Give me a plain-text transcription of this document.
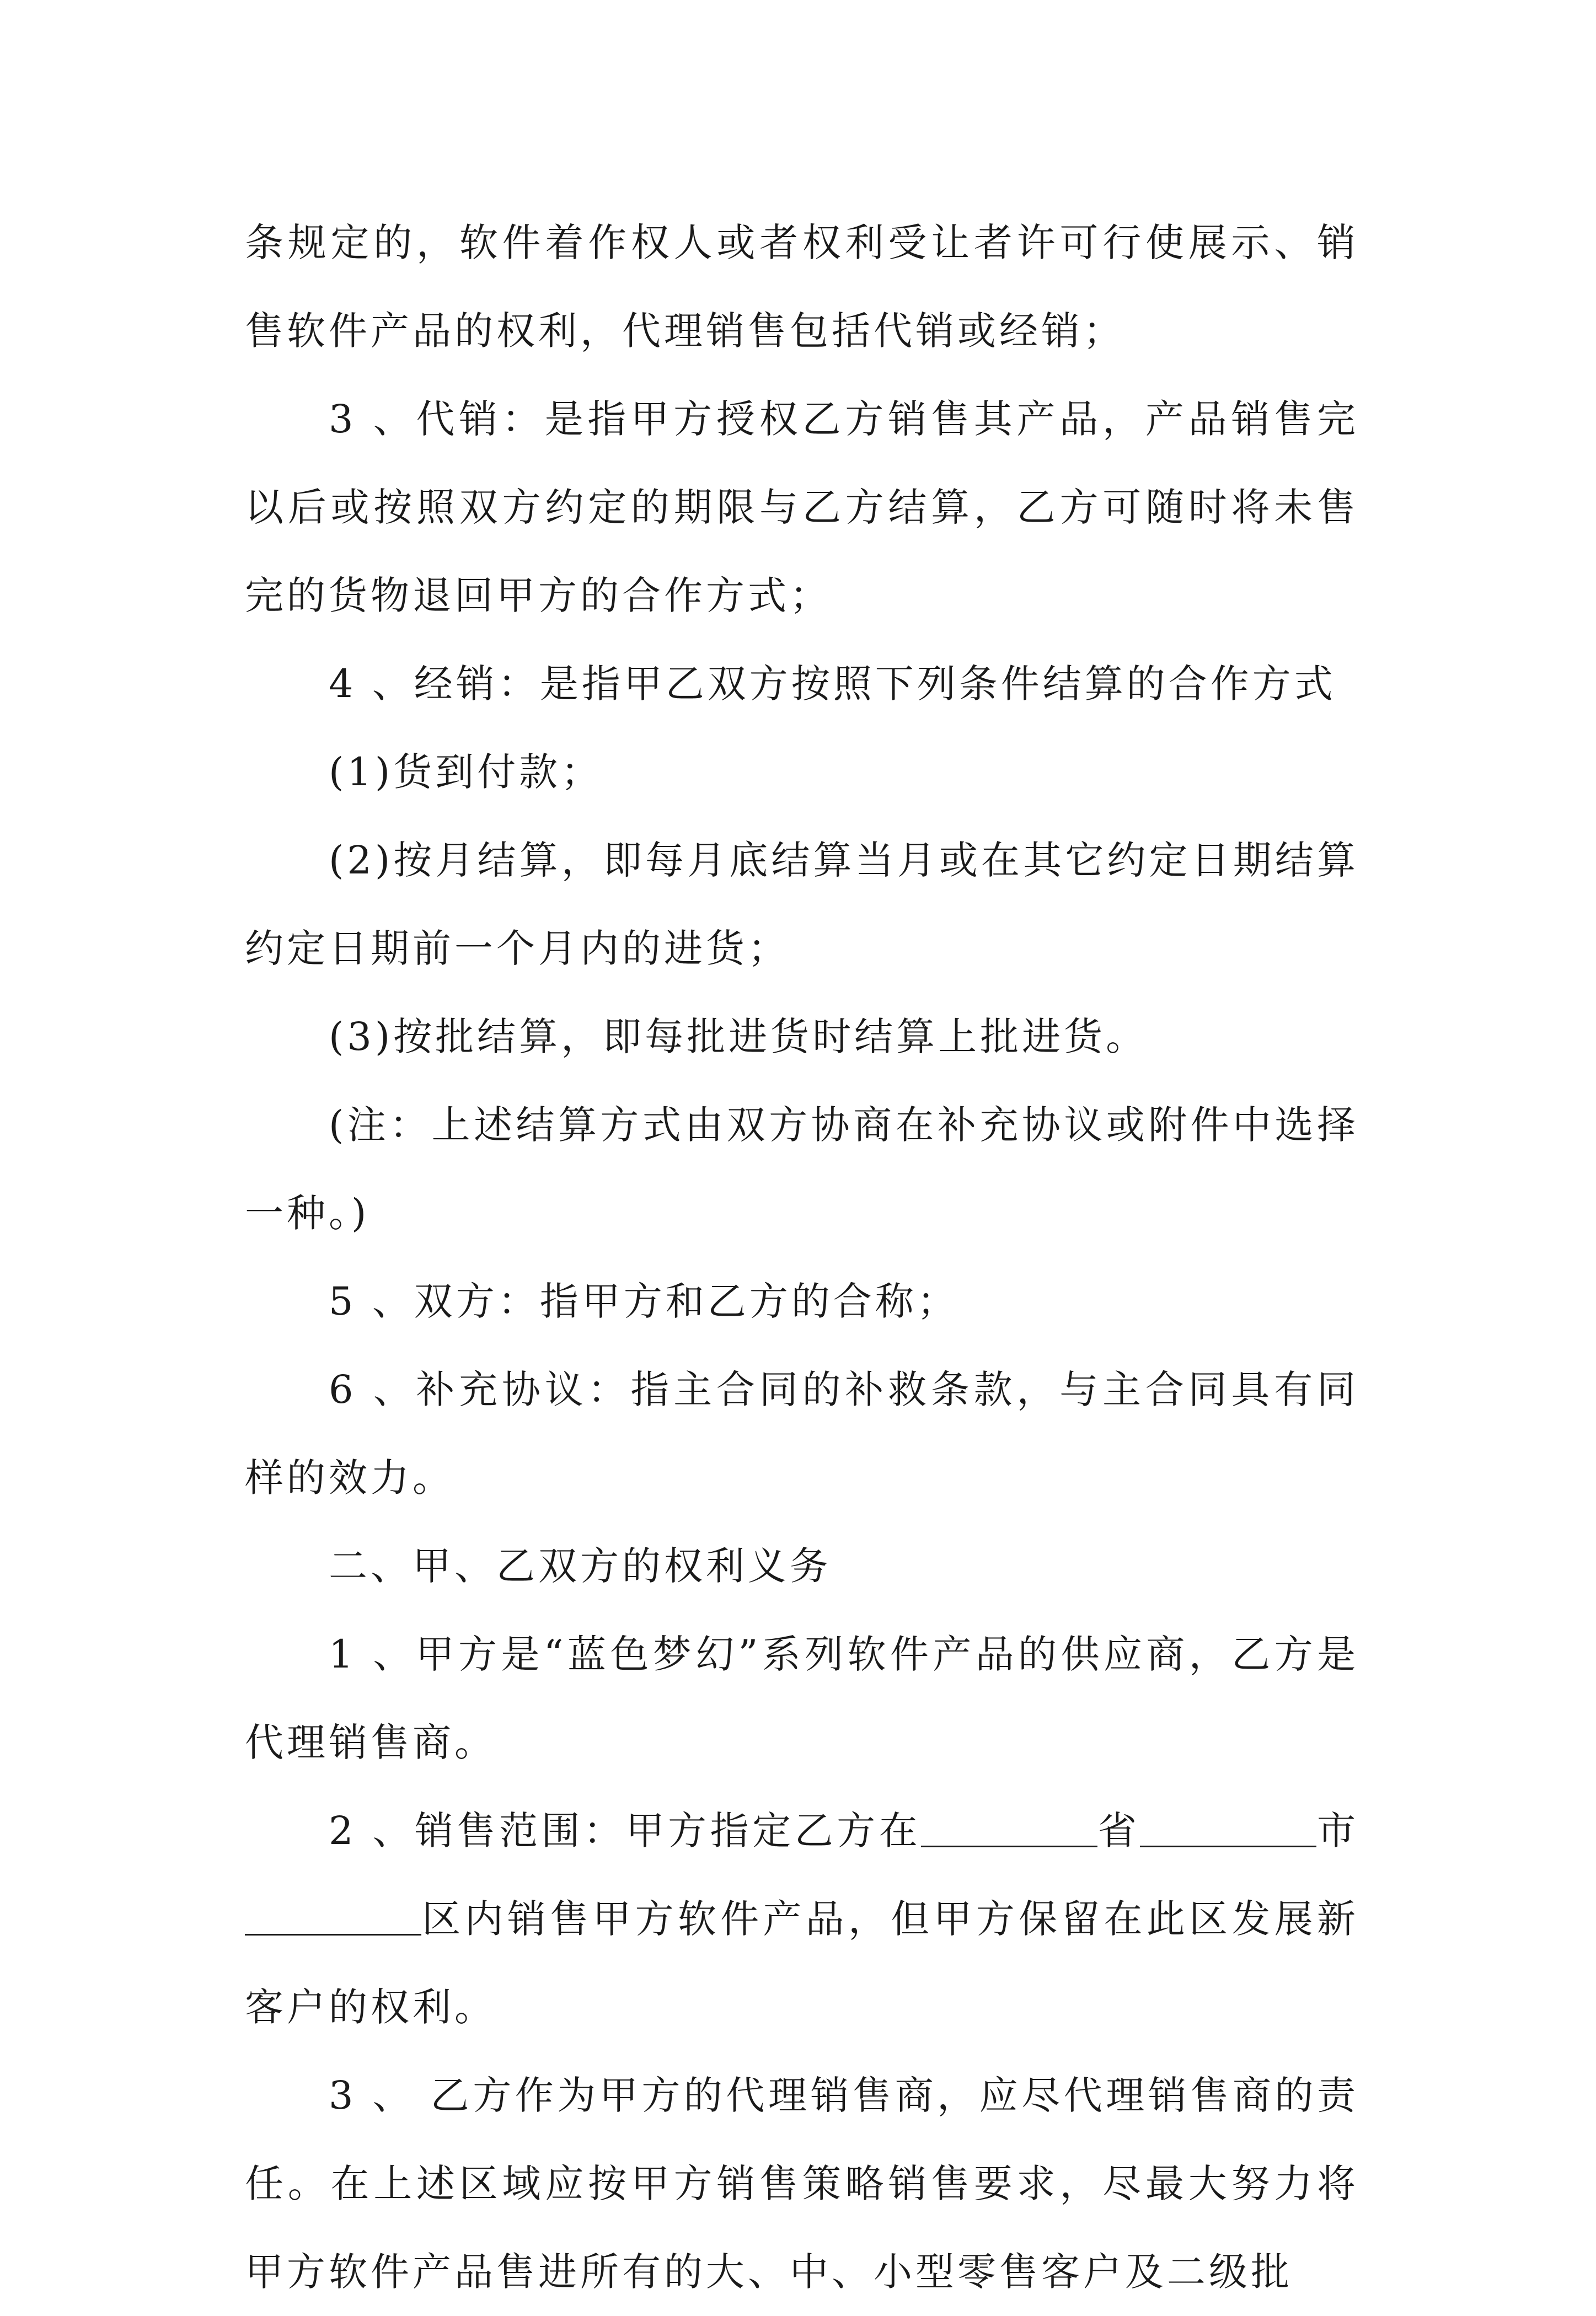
条规定的，软件着作权人或者权利受让者许可行使展示、销售软件产品的权利，代理销售包括代销或经销；

3 、代销：是指甲方授权乙方销售其产品，产品销售完以后或按照双方约定的期限与乙方结算，乙方可随时将未售完的货物退回甲方的合作方式；

4 、经销：是指甲乙双方按照下列条件结算的合作方式

(1)货到付款；

(2)按月结算，即每月底结算当月或在其它约定日期结算约定日期前一个月内的进货；

(3)按批结算，即每批进货时结算上批进货。

(注：上述结算方式由双方协商在补充协议或附件中选择一种。)

5 、双方：指甲方和乙方的合称；

6 、补充协议：指主合同的补救条款，与主合同具有同样的效力。

二、甲、乙双方的权利义务

1 、甲方是“蓝色梦幻”系列软件产品的供应商，乙方是代理销售商。

2 、销售范围：甲方指定乙方在	省	市区内销售甲方软件产品，但甲方保留在此区发展新客户的权利。

3 、 乙方作为甲方的代理销售商，应尽代理销售商的责任。在上述区域应按甲方销售策略销售要求，尽最大努力将甲方软件产品售进所有的大、中、小型零售客户及二级批
